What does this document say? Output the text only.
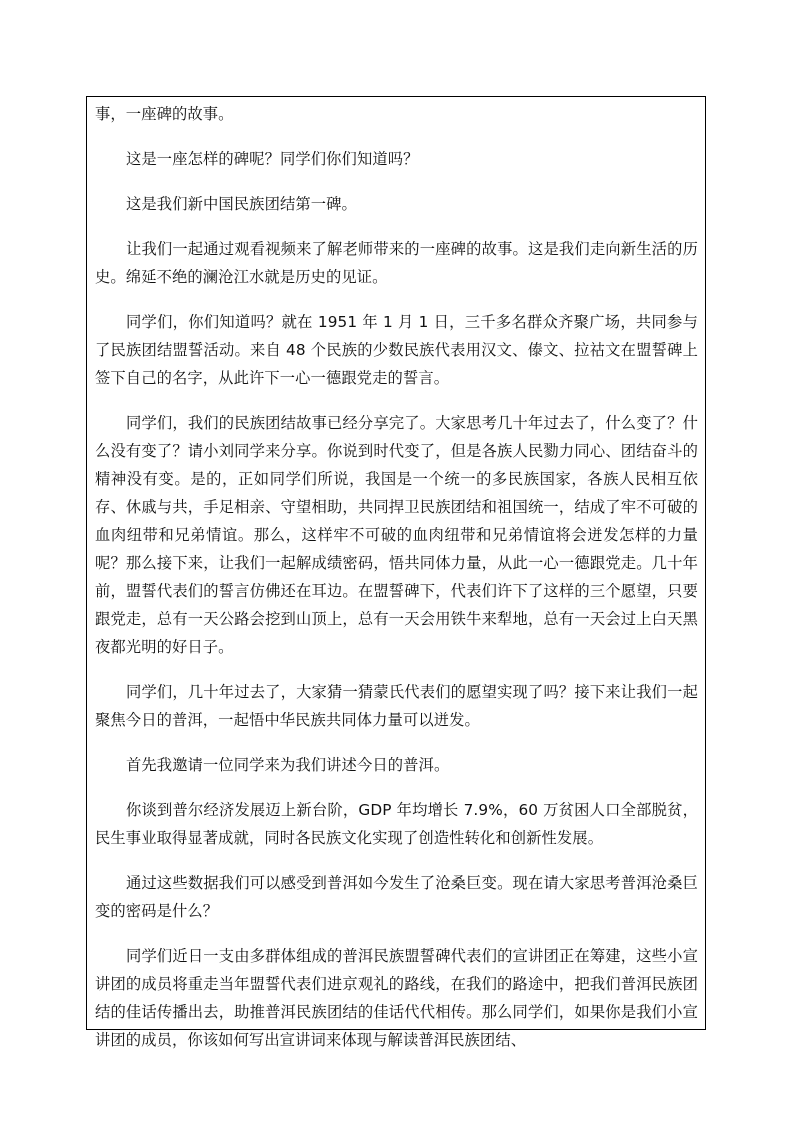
事，一座碑的故事。

这是一座怎样的碑呢？同学们你们知道吗？

这是我们新中国民族团结第一碑。

让我们一起通过观看视频来了解老师带来的一座碑的故事。这是我们走向新生活的历史。绵延不绝的澜沧江水就是历史的见证。

同学们，你们知道吗？就在 1951 年 1 月 1 日，三千多名群众齐聚广场，共同参与了民族团结盟誓活动。来自 48 个民族的少数民族代表用汉文、傣文、拉祜文在盟誓碑上签下自己的名字，从此许下一心一德跟党走的誓言。

同学们，我们的民族团结故事已经分享完了。大家思考几十年过去了，什么变了？什么没有变了？请小刘同学来分享。你说到时代变了，但是各族人民勠力同心、团结奋斗的精神没有变。是的，正如同学们所说，我国是一个统一的多民族国家，各族人民相互依存、休戚与共，手足相亲、守望相助，共同捍卫民族团结和祖国统一，结成了牢不可破的血肉纽带和兄弟情谊。那么，这样牢不可破的血肉纽带和兄弟情谊将会迸发怎样的力量呢？那么接下来，让我们一起解成绩密码，悟共同体力量，从此一心一德跟党走。几十年前，盟誓代表们的誓言仿佛还在耳边。在盟誓碑下，代表们许下了这样的三个愿望，只要跟党走，总有一天公路会挖到山顶上，总有一天会用铁牛来犁地，总有一天会过上白天黑夜都光明的好日子。

同学们，几十年过去了，大家猜一猜蒙氏代表们的愿望实现了吗？接下来让我们一起聚焦今日的普洱，一起悟中华民族共同体力量可以迸发。

首先我邀请一位同学来为我们讲述今日的普洱。

你谈到普尔经济发展迈上新台阶，GDP 年均增长 7.9%，60 万贫困人口全部脱贫，民生事业取得显著成就，同时各民族文化实现了创造性转化和创新性发展。

通过这些数据我们可以感受到普洱如今发生了沧桑巨变。现在请大家思考普洱沧桑巨变的密码是什么？

同学们近日一支由多群体组成的普洱民族盟誓碑代表们的宣讲团正在筹建，这些小宣讲团的成员将重走当年盟誓代表们进京观礼的路线，在我们的路途中，把我们普洱民族团结的佳话传播出去，助推普洱民族团结的佳话代代相传。那么同学们，如果你是我们小宣讲团的成员，你该如何写出宣讲词来体现与解读普洱民族团结、
